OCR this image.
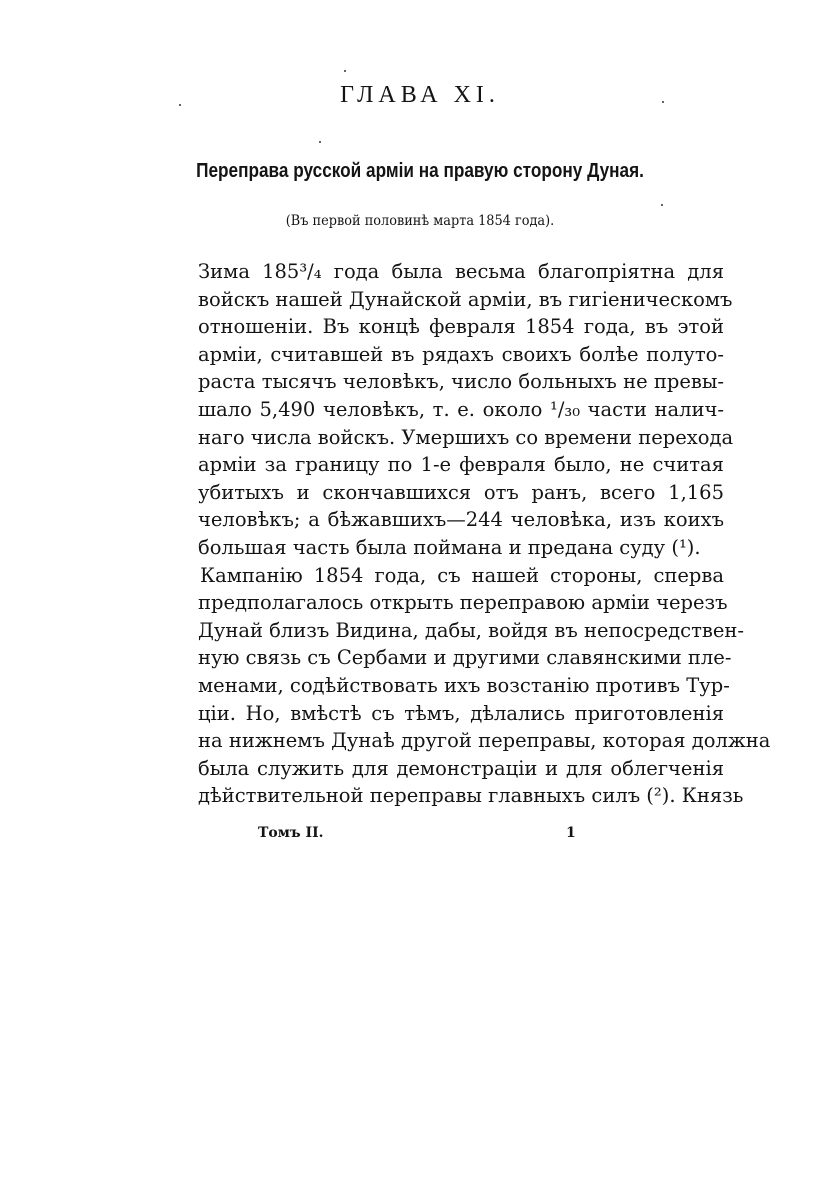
ГЛАВА XI.
Переправа русской арміи на правую сторону Дуная.
(Въ первой половинѣ марта 1854 года).
Зима 185³/₄ года была весьма благопріятна для
войскъ нашей Дунайской арміи, въ гигіеническомъ
отношеніи. Въ концѣ февраля 1854 года, въ этой
арміи, считавшей въ рядахъ своихъ болѣе полуто-
раста тысячъ человѣкъ, число больныхъ не превы-
шало 5,490 человѣкъ, т. е. около ¹/₃₀ части налич-
наго числа войскъ. Умершихъ со времени перехода
арміи за границу по 1-е февраля было, не считая
убитыхъ и скончавшихся отъ ранъ, всего 1,165
человѣкъ; а бѣжавшихъ—244 человѣка, изъ коихъ
большая часть была поймана и предана суду (¹).
Кампанію 1854 года, съ нашей стороны, сперва
предполагалось открыть переправою арміи черезъ
Дунай близъ Видина, дабы, войдя въ непосредствен-
ную связь съ Сербами и другими славянскими пле-
менами, содѣйствовать ихъ возстанію противъ Тур-
ціи. Но, вмѣстѣ съ тѣмъ, дѣлались приготовленія
на нижнемъ Дунаѣ другой переправы, которая должна
была служить для демонстраціи и для облегченія
дѣйствительной переправы главныхъ силъ (²). Князь
Томъ II.	1
